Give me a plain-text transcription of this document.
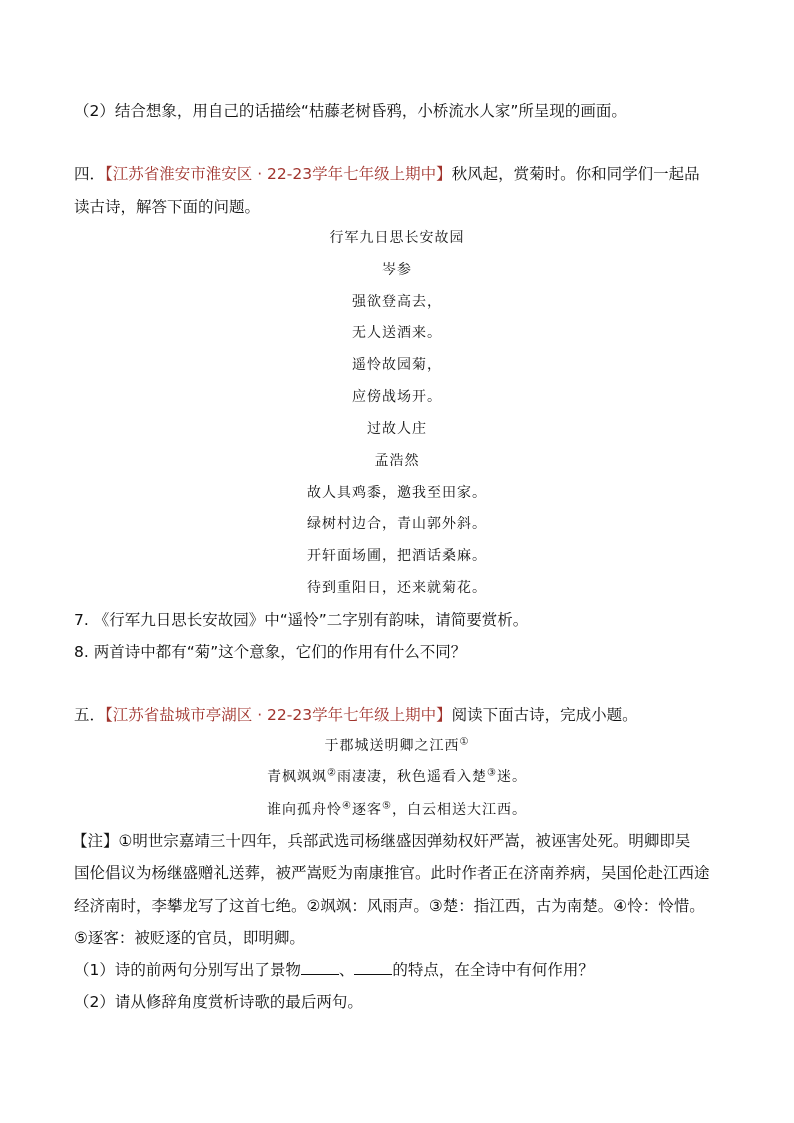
（2）结合想象，用自己的话描绘“枯藤老树昏鸦，小桥流水人家”所呈现的画面。
四．【江苏省淮安市淮安区 · 22-23学年七年级上期中】秋风起，赏菊时。你和同学们一起品
读古诗，解答下面的问题。
行军九日思长安故园
岑参
强欲登高去，
无人送酒来。
遥怜故园菊，
应傍战场开。
过故人庄
孟浩然
故人具鸡黍，邀我至田家。
绿树村边合，青山郭外斜。
开轩面场圃，把酒话桑麻。
待到重阳日，还来就菊花。
7. 《行军九日思长安故园》中“遥怜”二字别有韵味，请简要赏析。
8. 两首诗中都有“菊”这个意象，它们的作用有什么不同？
五．【江苏省盐城市亭湖区 · 22-23学年七年级上期中】阅读下面古诗，完成小题。
于郡城送明卿之江西①
青枫飒飒②雨凄凄，秋色遥看入楚③迷。
谁向孤舟怜④逐客⑤，白云相送大江西。
【注】①明世宗嘉靖三十四年，兵部武选司杨继盛因弹劾权奸严嵩，被诬害处死。明卿即吴
国伦倡议为杨继盛赠礼送葬，被严嵩贬为南康推官。此时作者正在济南养病，吴国伦赴江西途
经济南时，李攀龙写了这首七绝。②飒飒：风雨声。③楚：指江西，古为南楚。④怜：怜惜。
⑤逐客：被贬逐的官员，即明卿。
（1）诗的前两句分别写出了景物 、 的特点，在全诗中有何作用？
（2）请从修辞角度赏析诗歌的最后两句。
